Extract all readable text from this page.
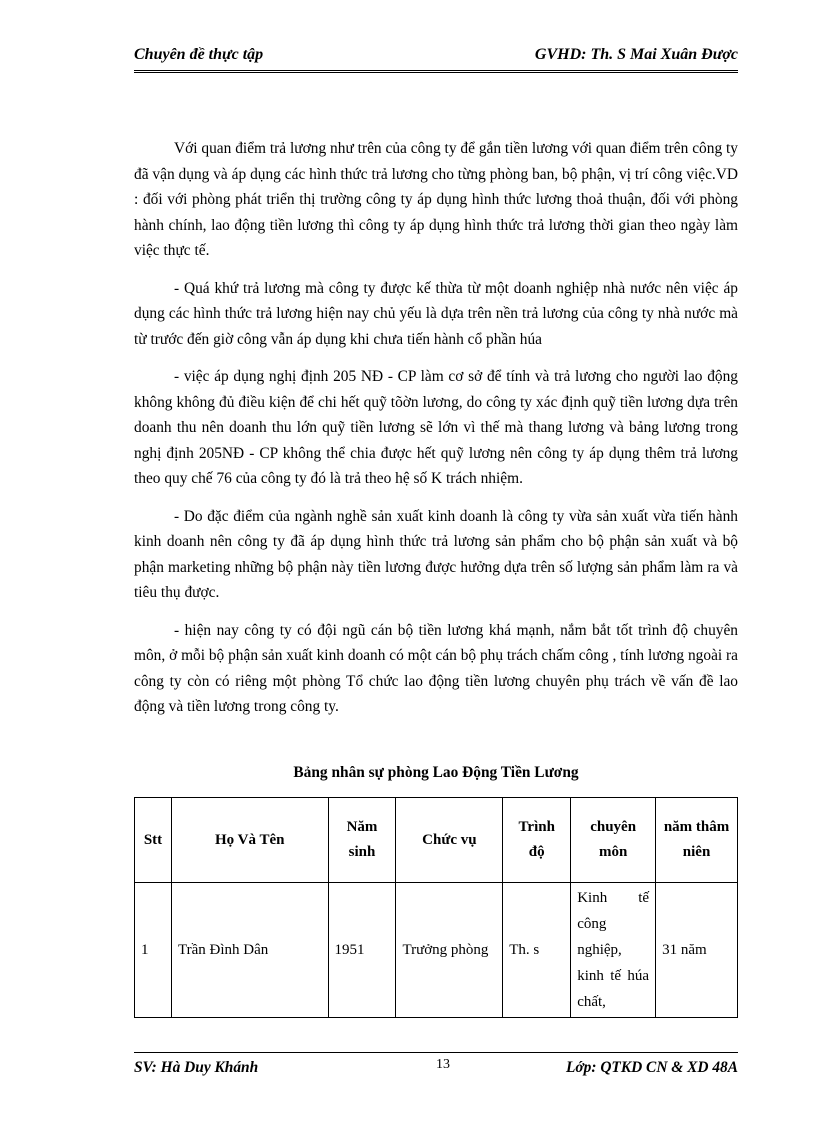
Chuyên đề thực tập	GVHD: Th. S Mai Xuân Được

Với quan điểm trả lương như trên của công ty để gắn tiền lương với quan điểm trên công ty đã vận dụng và áp dụng các hình thức trả lương cho từng phòng ban, bộ phận, vị trí công việc.VD : đối với phòng phát triển thị trường công ty áp dụng hình thức lương thoả thuận, đối với phòng hành chính, lao động tiền lương thì công ty áp dụng hình thức trả lương thời gian theo ngày làm việc thực tế.

- Quá khứ trả lương mà công ty được kế thừa từ một doanh nghiệp nhà nước nên việc áp dụng các hình thức trả lương hiện nay chủ yếu là dựa trên nền trả lương của công ty nhà nước mà từ trước đến giờ công vẫn áp dụng khi chưa tiến hành cổ phần húa

- việc áp dụng nghị định 205 NĐ - CP làm cơ sở để tính và trả lương cho người lao động không không đủ điều kiện để chi hết quỹ tõờn lương, do công ty xác định quỹ tiền lương dựa trên doanh thu nên doanh thu lớn quỹ tiền lương sẽ lớn vì thế mà thang lương và bảng lương trong nghị định 205NĐ - CP không thể chia được hết quỹ lương nên công ty áp dụng thêm trả lương theo quy chế 76 của công ty đó là trả theo hệ số K trách nhiệm.

- Do đặc điểm của ngành nghề sản xuất kinh doanh là công ty vừa sản xuất vừa tiến hành kinh doanh nên công ty đã áp dụng hình thức trả lương sản phẩm cho bộ phận sản xuất và bộ phận marketing những bộ phận này tiền lương được hưởng dựa trên số lượng sản phẩm làm ra và tiêu thụ được.

- hiện nay công ty có đội ngũ cán bộ tiền lương khá mạnh, nắm bắt tốt trình độ chuyên môn, ở mỗi bộ phận sản xuất kinh doanh có một cán bộ phụ trách chấm công , tính lương ngoài ra công ty còn có riêng một phòng Tổ chức lao động tiền lương chuyên phụ trách về vấn đề lao động và tiền lương trong công ty.

Bảng nhân sự phòng Lao Động Tiền Lương
Stt	Họ Và Tên	Năm sinh	Chức vụ	Trình độ	chuyên môn	năm thâm niên
1	Trần Đình Dân	1951	Trưởng phòng	Th. s	Kinh tế công nghiệp, kinh tế húa chất,	31 năm
SV: Hà Duy Khánh	13	Lớp: QTKD CN & XD 48A
